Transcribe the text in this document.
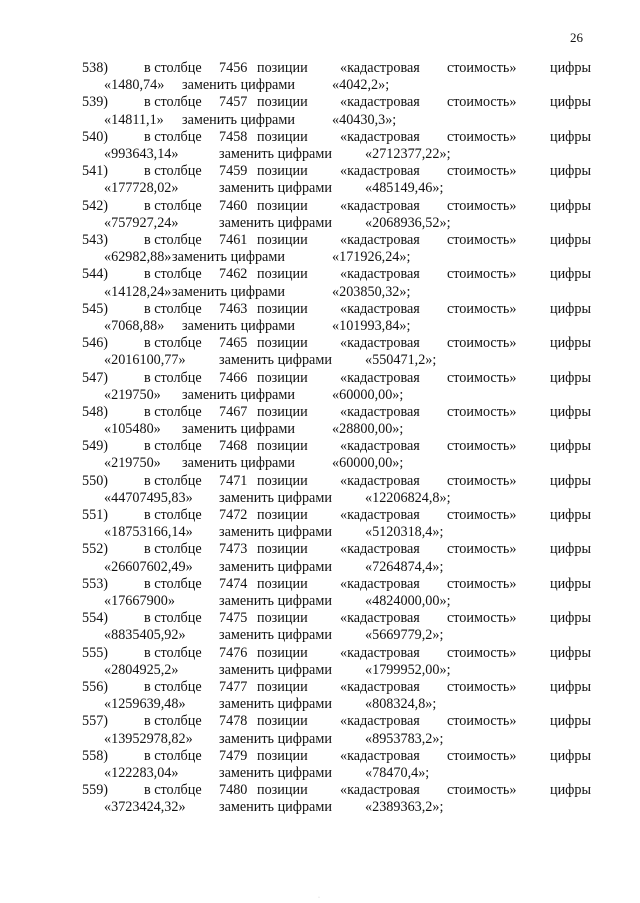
26
538)	в столбце 7456 позиции «кадастровая стоимость» цифры
«1480,74» заменить цифрами	«4042,2»;
539)	в столбце 7457 позиции «кадастровая стоимость» цифры
«14811,1» заменить цифрами	«40430,3»;
540)	в столбце 7458 позиции «кадастровая стоимость» цифры
«993643,14»	заменить цифрами «2712377,22»;
541)	в столбце 7459 позиции «кадастровая стоимость» цифры
«177728,02»	заменить цифрами «485149,46»;
542)	в столбце 7460 позиции «кадастровая стоимость» цифры
«757927,24»	заменить цифрами «2068936,52»;
543)	в столбце 7461 позиции «кадастровая стоимость» цифры
«62982,88» заменить цифрами	«171926,24»;
544)	в столбце 7462 позиции «кадастровая стоимость» цифры
«14128,24» заменить цифрами	«203850,32»;
545)	в столбце 7463 позиции «кадастровая стоимость» цифры
«7068,88» заменить цифрами	«101993,84»;
546)	в столбце 7465 позиции «кадастровая стоимость» цифры
«2016100,77» заменить цифрами «550471,2»;
547)	в столбце 7466 позиции «кадастровая стоимость» цифры
«219750» заменить цифрами	«60000,00»;
548)	в столбце 7467 позиции «кадастровая стоимость» цифры
«105480» заменить цифрами	«28800,00»;
549)	в столбце 7468 позиции «кадастровая стоимость» цифры
«219750» заменить цифрами	«60000,00»;
550)	в столбце 7471 позиции «кадастровая стоимость» цифры
«44707495,83» заменить цифрами «12206824,8»;
551)	в столбце 7472 позиции «кадастровая стоимость» цифры
«18753166,14» заменить цифрами «5120318,4»;
552)	в столбце 7473 позиции «кадастровая стоимость» цифры
«26607602,49» заменить цифрами «7264874,4»;
553)	в столбце 7474 позиции «кадастровая стоимость» цифры
«17667900»	заменить цифрами «4824000,00»;
554)	в столбце 7475 позиции «кадастровая стоимость» цифры
«8835405,92» заменить цифрами «5669779,2»;
555)	в столбце 7476 позиции «кадастровая стоимость» цифры
«2804925,2»	заменить цифрами «1799952,00»;
556)	в столбце 7477 позиции «кадастровая стоимость» цифры
«1259639,48» заменить цифрами «808324,8»;
557)	в столбце 7478 позиции «кадастровая стоимость» цифры
«13952978,82» заменить цифрами «8953783,2»;
558)	в столбце 7479 позиции «кадастровая стоимость» цифры
«122283,04»	заменить цифрами «78470,4»;
559)	в столбце 7480 позиции «кадастровая стоимость» цифры
«3723424,32» заменить цифрами «2389363,2»;
·
